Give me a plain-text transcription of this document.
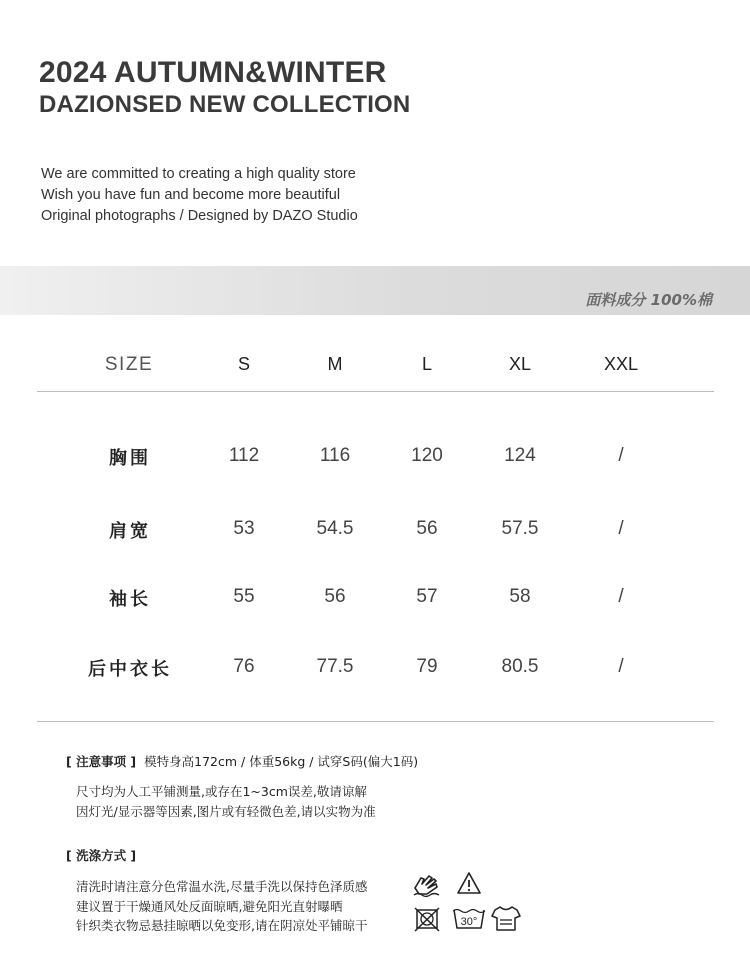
2024 AUTUMN&WINTER
DAZIONSED NEW COLLECTION
We are committed to creating a high quality store
Wish you have fun and become more beautiful
Original photographs / Designed by DAZO Studio
面料成分 100%棉
SIZE	S	M	L	XL	XXL
胸围	112	116	120	124	/
肩宽	53	54.5	56	57.5	/
袖长	55	56	57	58	/
后中衣长	76	77.5	79	80.5	/
[ 注意事项 ] 模特身高172cm / 体重56kg / 试穿S码(偏大1码)
尺寸均为人工平铺测量,或存在1~3cm误差,敬请谅解
因灯光/显示器等因素,图片或有轻微色差,请以实物为准
[ 洗涤方式 ]
清洗时请注意分色常温水洗,尽量手洗以保持色泽质感
建议置于干燥通风处反面晾晒,避免阳光直射曝晒
针织类衣物忌悬挂晾晒以免变形,请在阴凉处平铺晾干	30°
